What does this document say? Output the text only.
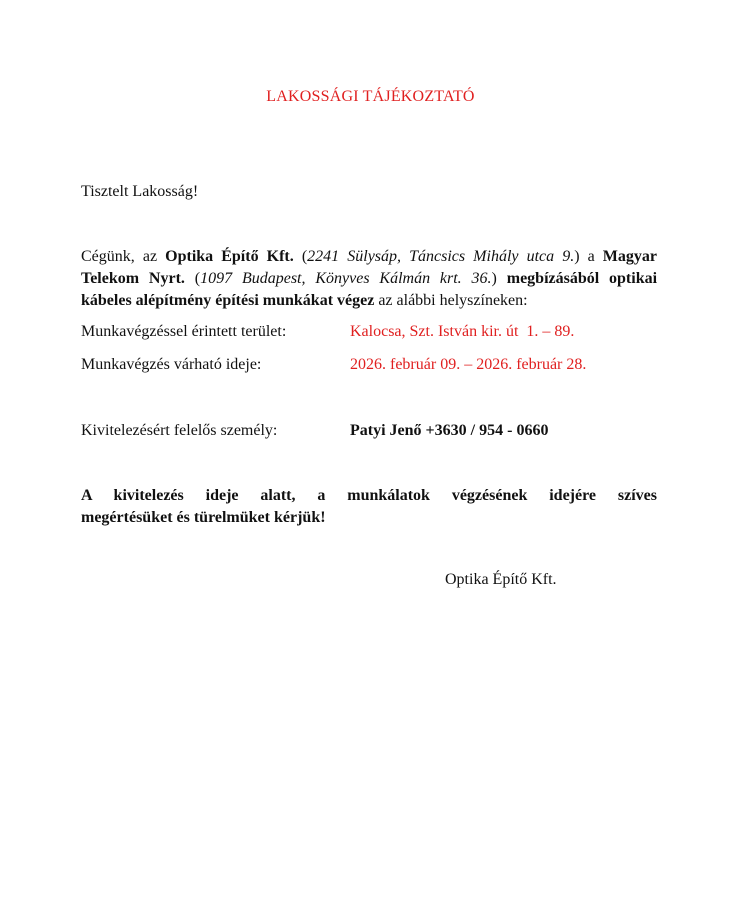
LAKOSSÁGI TÁJÉKOZTATÓ
Tisztelt Lakosság!
Cégünk, az Optika Építő Kft. (2241 Sülysáp, Táncsics Mihály utca 9.) a Magyar Telekom Nyrt. (1097 Budapest, Könyves Kálmán krt. 36.) megbízásából optikai kábeles alépítmény építési munkákat végez az alábbi helyszíneken:
Munkavégzéssel érintett terület:	Kalocsa, Szt. István kir. út  1. – 89.
Munkavégzés várható ideje:	2026. február 09. – 2026. február 28.
Kivitelezésért felelős személy:	Patyi Jenő +3630 / 954 - 0660
A kivitelezés ideje alatt, a munkálatok végzésének idejére szíves
megértésüket és türelmüket kérjük!
Optika Építő Kft.
